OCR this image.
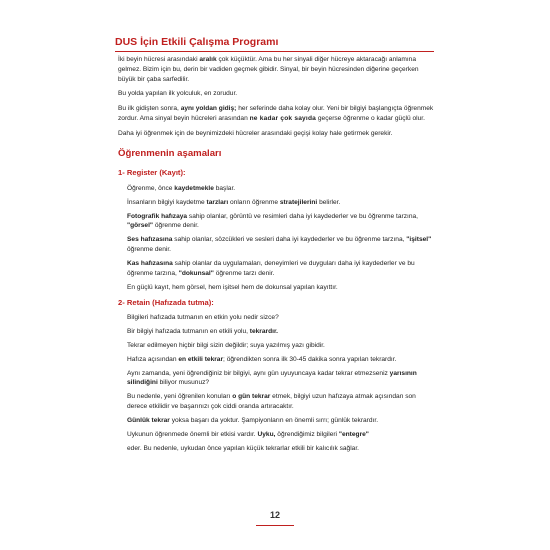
DUS İçin Etkili Çalışma Programı

İki beyin hücresi arasındaki aralık çok küçüktür. Ama bu her sinyali diğer hücreye aktaracağı anlamına gelmez. Bizim için bu, derin bir vadiden geçmek gibidir. Sinyal, bir beyin hücresinden diğerine geçerken büyük bir çaba sarfedilir.

Bu yolda yapılan ilk yolculuk, en zorudur.

Bu ilk gidişten sonra, aynı yoldan gidiş; her seferinde daha kolay olur. Yeni bir bilgiyi başlangıçta öğrenmek zordur. Ama sinyal beyin hücreleri arasından ne kadar çok sayıda geçerse öğrenme o kadar güçlü olur.

Daha iyi öğrenmek için de beynimizdeki hücreler arasındaki geçişi kolay hale getirmek gerekir.

Öğrenmenin aşamaları
1- Register (Kayıt):

Öğrenme, önce kaydetmekle başlar.

İnsanların bilgiyi kaydetme tarzları onların öğrenme stratejilerini belirler.

Fotografik hafızaya sahip olanlar, görüntü ve resimleri daha iyi kaydederler ve bu öğrenme tarzına, "görsel" öğrenme denir.

Ses hafızasına sahip olanlar, sözcükleri ve sesleri daha iyi kaydederler ve bu öğrenme tarzına, "işitsel" öğrenme denir.

Kas hafızasına sahip olanlar da uygulamaları, deneyimleri ve duyguları daha iyi kaydederler ve bu öğrenme tarzına, "dokunsal" öğrenme tarzı denir.

En güçlü kayıt, hem görsel, hem işitsel hem de dokunsal yapılan kayıttır.

2- Retain (Hafızada tutma):

Bilgileri hafızada tutmanın en etkin yolu nedir sizce?

Bir bilgiyi hafızada tutmanın en etkili yolu, tekrardır.

Tekrar edilmeyen hiçbir bilgi sizin değildir; suya yazılmış yazı gibidir.

Hafıza açısından en etkili tekrar; öğrendikten sonra ilk 30-45 dakika sonra yapılan tekrardır.

Aynı zamanda, yeni öğrendiğiniz bir bilgiyi, aynı gün uyuyuncaya kadar tekrar etmezseniz yarısının silindiğini biliyor musunuz?

Bu nedenle, yeni öğrenilen konuları o gün tekrar etmek, bilgiyi uzun hafızaya atmak açısından son derece etkilidir ve başarınızı çok ciddi oranda artıracaktır.

Günlük tekrar yoksa başarı da yoktur. Şampiyonların en önemli sırrı; günlük tekrardır.

Uykunun öğrenmede önemli bir etkisi vardır. Uyku, öğrendiğimiz bilgileri "entegre"

eder. Bu nedenle, uykudan önce yapılan küçük tekrarlar etkili bir kalıcılık sağlar.

12
